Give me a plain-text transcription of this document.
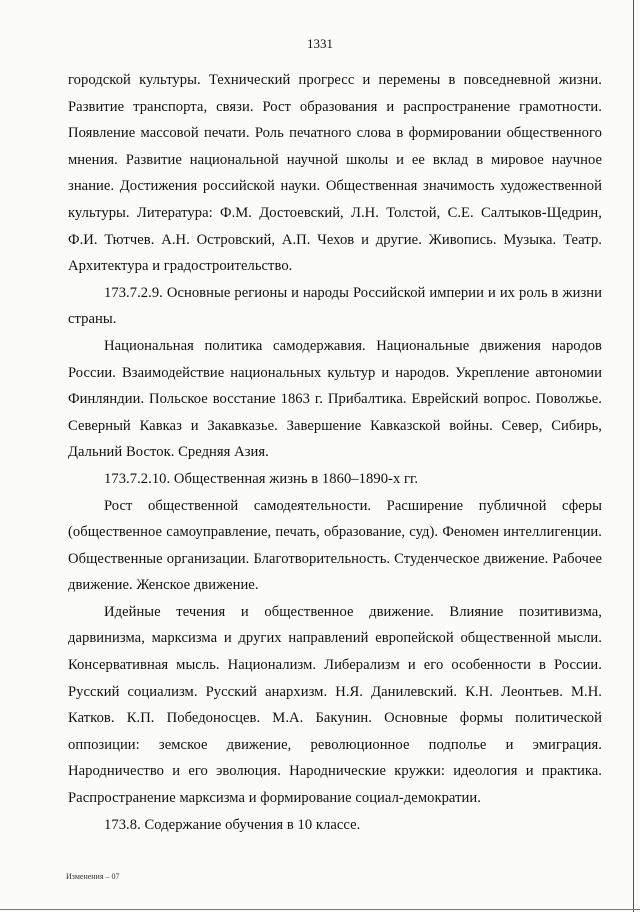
1331

городской культуры. Технический прогресс и перемены в повседневной жизни. Развитие транспорта, связи. Рост образования и распространение грамотности. Появление массовой печати. Роль печатного слова в формировании общественного мнения. Развитие национальной научной школы и ее вклад в мировое научное знание. Достижения российской науки. Общественная значимость художественной культуры. Литература: Ф.М. Достоевский, Л.Н. Толстой, С.Е. Салтыков-Щедрин, Ф.И. Тютчев. А.Н. Островский, А.П. Чехов и другие. Живопись. Музыка. Театр. Архитектура и градостроительство.

173.7.2.9. Основные регионы и народы Российской империи и их роль в жизни страны.

Национальная политика самодержавия. Национальные движения народов России. Взаимодействие национальных культур и народов. Укрепление автономии Финляндии. Польское восстание 1863 г. Прибалтика. Еврейский вопрос. Поволжье. Северный Кавказ и Закавказье. Завершение Кавказской войны. Север, Сибирь, Дальний Восток. Средняя Азия.

173.7.2.10. Общественная жизнь в 1860–1890-х гг.

Рост общественной самодеятельности. Расширение публичной сферы (общественное самоуправление, печать, образование, суд). Феномен интеллигенции. Общественные организации. Благотворительность. Студенческое движение. Рабочее движение. Женское движение.

Идейные течения и общественное движение. Влияние позитивизма, дарвинизма, марксизма и других направлений европейской общественной мысли. Консервативная мысль. Национализм. Либерализм и его особенности в России. Русский социализм. Русский анархизм. Н.Я. Данилевский. К.Н. Леонтьев. М.Н. Катков. К.П. Победоносцев. М.А. Бакунин. Основные формы политической оппозиции: земское движение, революционное подполье и эмиграция. Народничество и его эволюция. Народнические кружки: идеология и практика. Распространение марксизма и формирование социал-демократии.

173.8. Содержание обучения в 10 классе.

Изменения – 07
